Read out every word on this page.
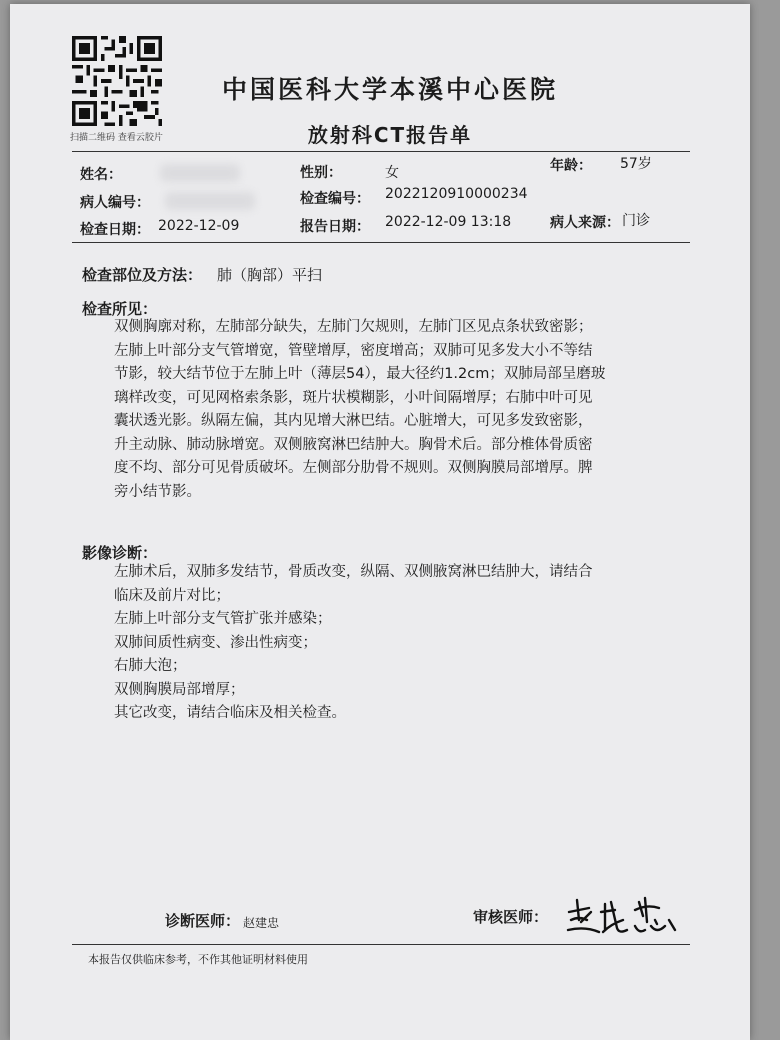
扫描二维码 查看云胶片
中国医科大学本溪中心医院
放射科CT报告单
姓名：	性别：	女	年龄： 57岁
病人编号：	检查编号： 2022120910000234
检查日期： 2022-12-09	报告日期： 2022-12-09 13:18	病人来源： 门诊
检查部位及方法： 肺（胸部）平扫
检查所见：

双侧胸廓对称，左肺部分缺失，左肺门欠规则，左肺门区见点条状致密影；

左肺上叶部分支气管增宽，管壁增厚，密度增高；双肺可见多发大小不等结

节影，较大结节位于左肺上叶（薄层54），最大径约1.2cm；双肺局部呈磨玻

璃样改变，可见网格索条影，斑片状模糊影，小叶间隔增厚；右肺中叶可见

囊状透光影。纵隔左偏，其内见增大淋巴结。心脏增大，可见多发致密影，

升主动脉、肺动脉增宽。双侧腋窝淋巴结肿大。胸骨术后。部分椎体骨质密

度不均、部分可见骨质破坏。左侧部分肋骨不规则。双侧胸膜局部增厚。脾

旁小结节影。

影像诊断：

左肺术后，双肺多发结节，骨质改变，纵隔、双侧腋窝淋巴结肿大，请结合

临床及前片对比；

左肺上叶部分支气管扩张并感染；

双肺间质性病变、渗出性病变；

右肺大泡；

双侧胸膜局部增厚；

其它改变，请结合临床及相关检查。

诊断医师： 赵建忠	审核医师：
本报告仅供临床参考，不作其他证明材料使用
